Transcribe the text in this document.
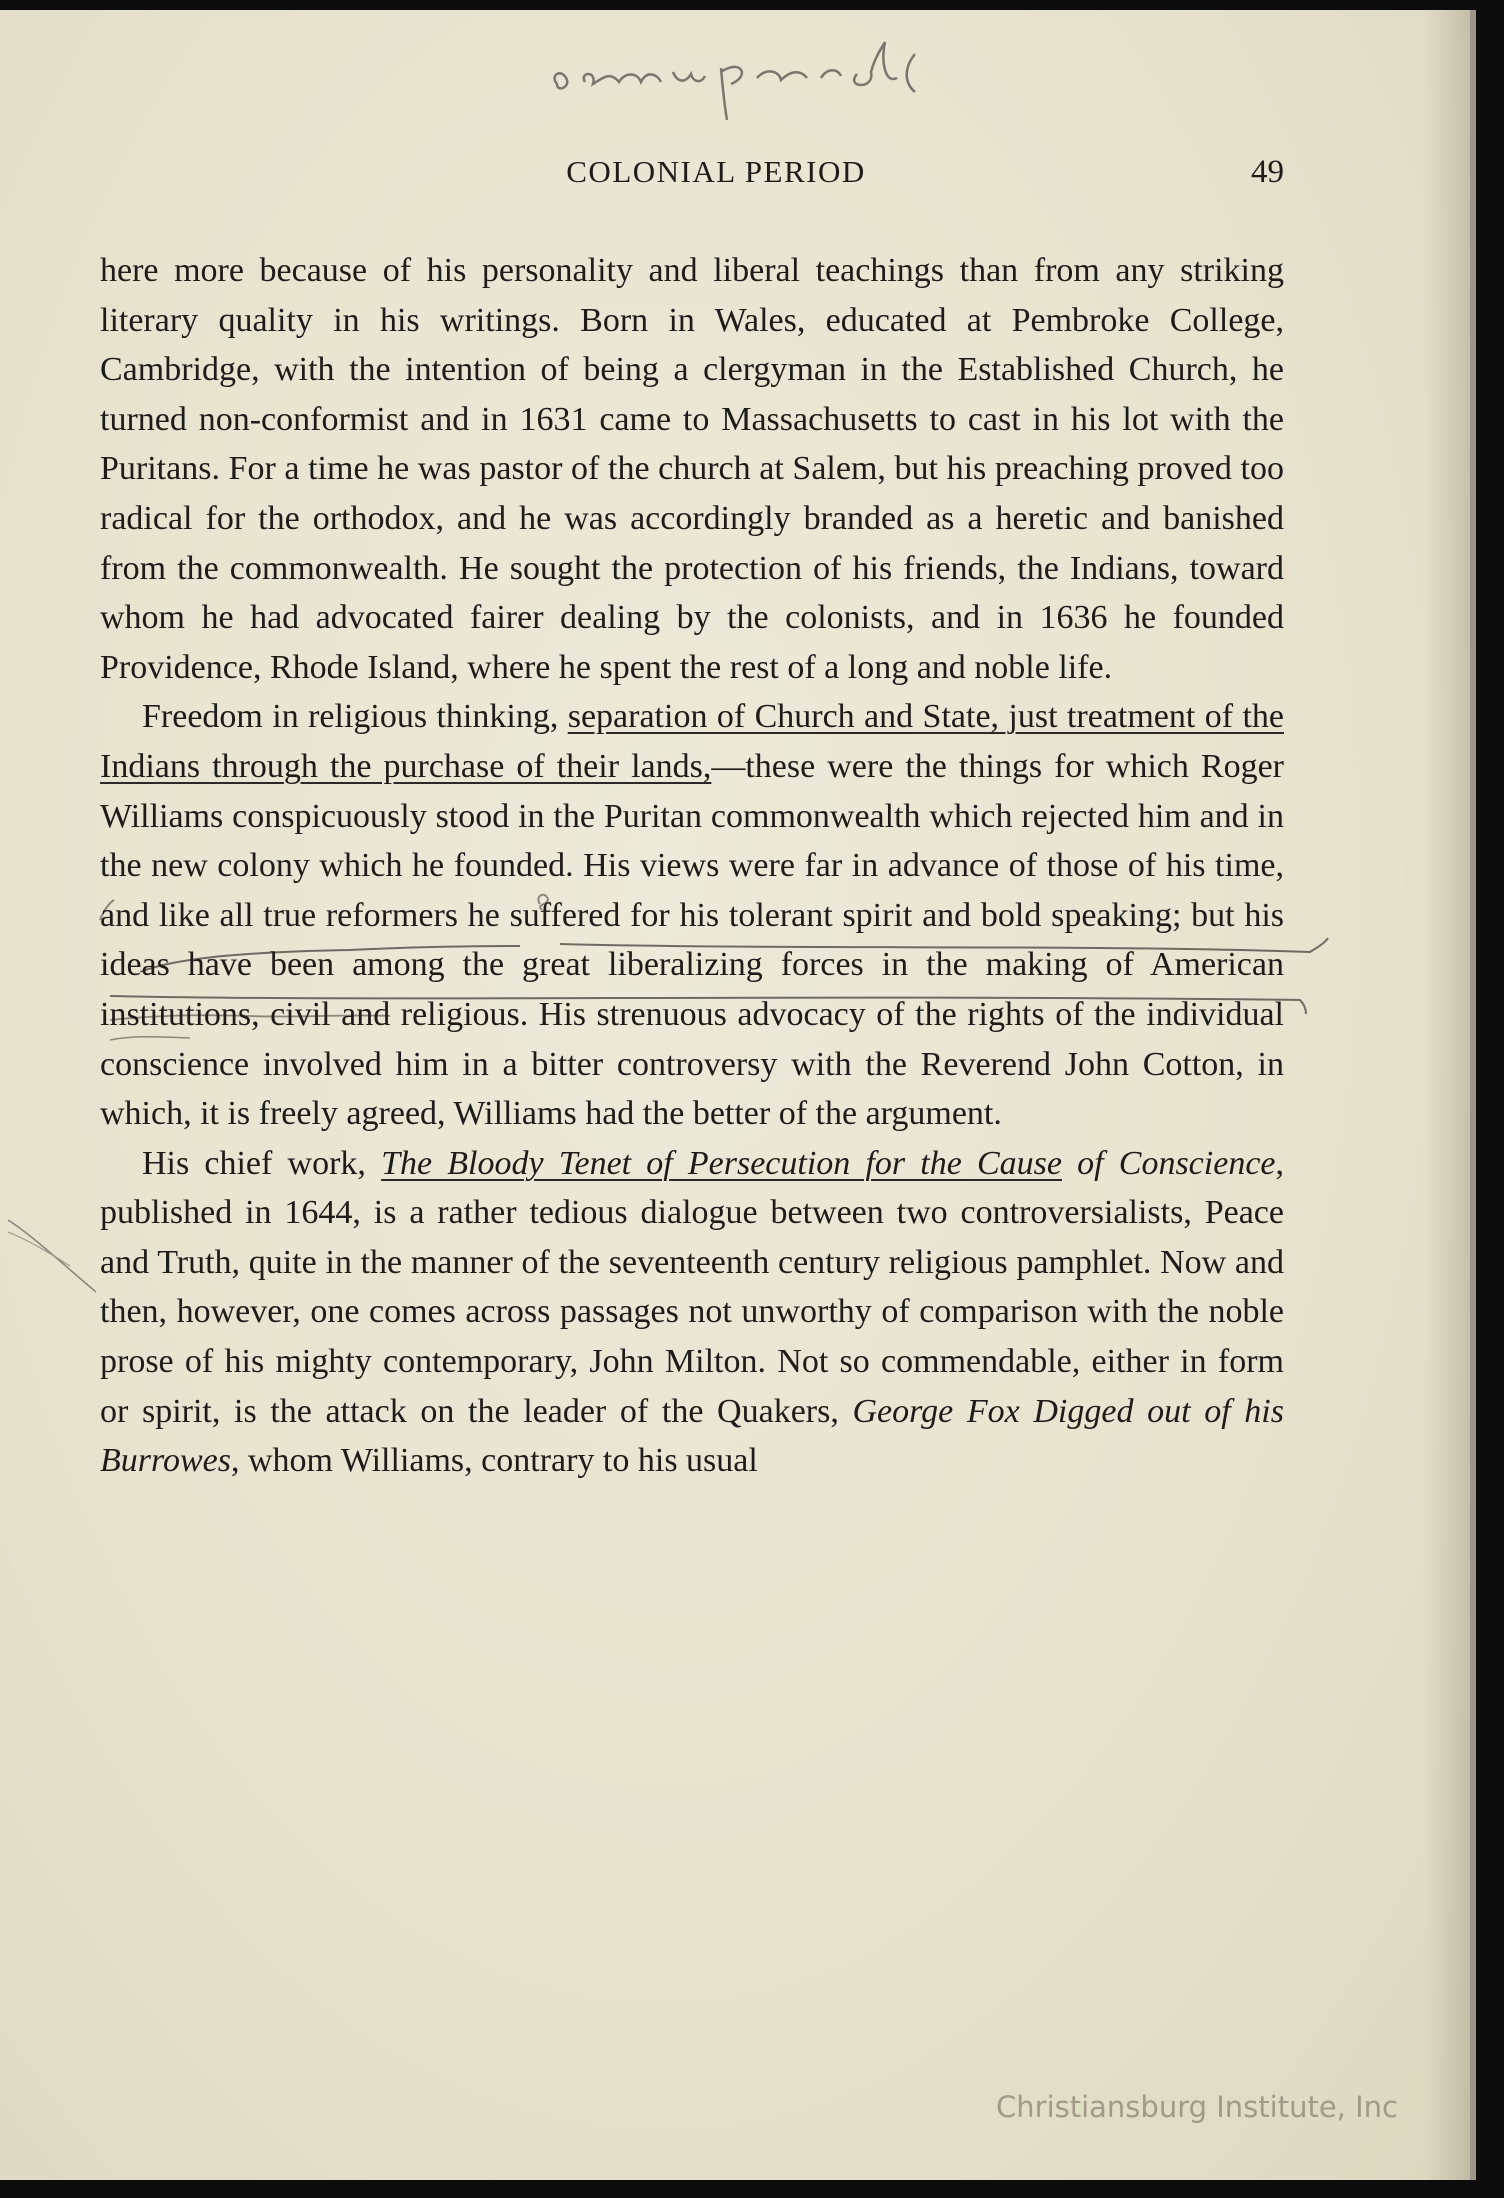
COLONIAL PERIOD	49

here more because of his personality and liberal teachings than from any striking literary quality in his writings. Born in Wales, educated at Pembroke College, Cambridge, with the intention of being a clergyman in the Established Church, he turned non-conformist and in 1631 came to Massachusetts to cast in his lot with the Puritans. For a time he was pastor of the church at Salem, but his preaching proved too radical for the orthodox, and he was accordingly branded as a heretic and banished from the commonwealth. He sought the protection of his friends, the Indians, toward whom he had advocated fairer dealing by the colonists, and in 1636 he founded Providence, Rhode Island, where he spent the rest of a long and noble life.

Freedom in religious thinking, separation of Church and State, just treatment of the Indians through the purchase of their lands,—these were the things for which Roger Williams conspicuously stood in the Puritan commonwealth which rejected him and in the new colony which he founded. His views were far in advance of those of his time, and like all true reformers he suffered for his tolerant spirit and bold speaking; but his ideas have been among the great liberalizing forces in the making of American institutions, civil and religious. His strenuous advocacy of the rights of the individual conscience involved him in a bitter controversy with the Reverend John Cotton, in which, it is freely agreed, Williams had the better of the argument.

His chief work, The Bloody Tenet of Persecution for the Cause of Conscience, published in 1644, is a rather tedious dialogue between two controversialists, Peace and Truth, quite in the manner of the seventeenth century religious pamphlet. Now and then, however, one comes across passages not unworthy of comparison with the noble prose of his mighty contemporary, John Milton. Not so commendable, either in form or spirit, is the attack on the leader of the Quakers, George Fox Digged out of his Burrowes, whom Williams, contrary to his usual

Christiansburg Institute, Inc
